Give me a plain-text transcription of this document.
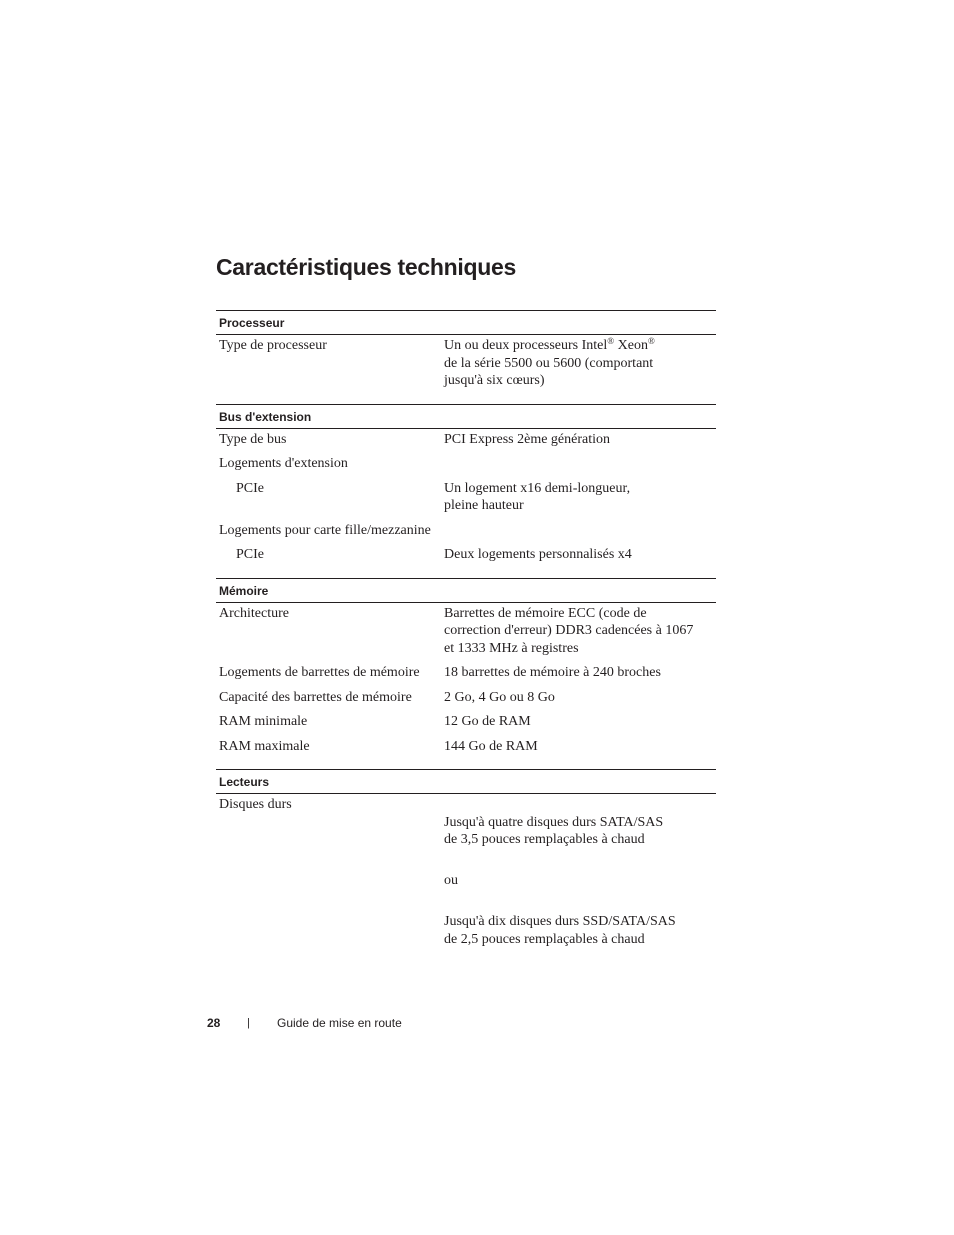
Caractéristiques techniques
Processeur
Type de processeur	Un ou deux processeurs Intel® Xeon®
de la série 5500 ou 5600 (comportant
jusqu'à six cœurs)
Bus d'extension
Type de bus	PCI Express 2ème génération
Logements d'extension
PCIe	Un logement x16 demi-longueur,
pleine hauteur
Logements pour carte fille/mezzanine
PCIe	Deux logements personnalisés x4
Mémoire
Architecture	Barrettes de mémoire ECC (code de
correction d'erreur) DDR3 cadencées à 1067
et 1333 MHz à registres
Logements de barrettes de mémoire	18 barrettes de mémoire à 240 broches
Capacité des barrettes de mémoire	2 Go, 4 Go ou 8 Go
RAM minimale	12 Go de RAM
RAM maximale	144 Go de RAM
Lecteurs
Disques durs

Jusqu'à quatre disques durs SATA/SAS
de 3,5 pouces remplaçables à chaud

ou

Jusqu'à dix disques durs SSD/SATA/SAS
de 2,5 pouces remplaçables à chaud

28	|	Guide de mise en route
